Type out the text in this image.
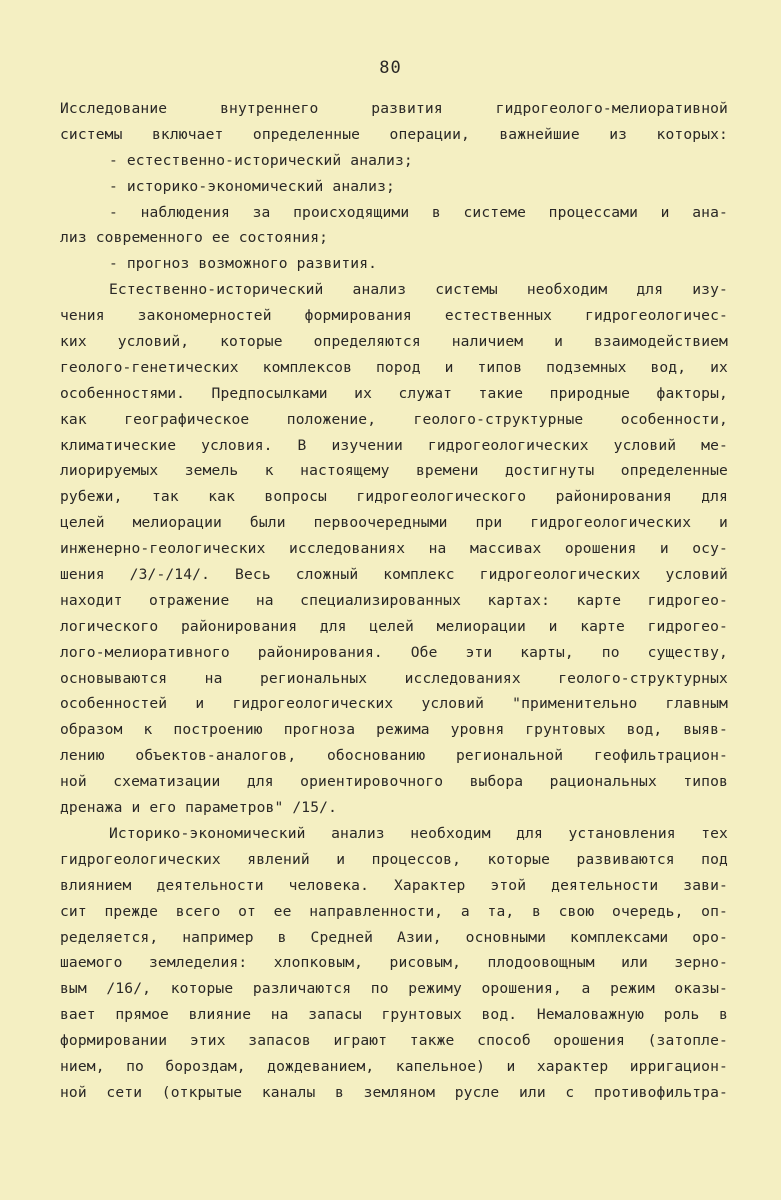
80
Исследование внутреннего развития гидрогеолого-мелиоративной
системы включает определенные операции, важнейшие из которых:
- естественно-исторический анализ;
- историко-экономический анализ;
- наблюдения за происходящими в системе процессами и ана-
лиз современного ее состояния;
- прогноз возможного развития.
Естественно-исторический анализ системы необходим для изу-
чения закономерностей формирования естественных гидрогеологичес-
ких условий, которые определяются наличием и взаимодействием
геолого-генетических комплексов пород и типов подземных вод, их
особенностями. Предпосылками их служат такие природные факторы,
как географическое положение, геолого-структурные особенности,
климатические условия. В изучении гидрогеологических условий ме-
лиорируемых земель к настоящему времени достигнуты определенные
рубежи, так как вопросы гидрогеологического районирования для
целей мелиорации были первоочередными при гидрогеологических и
инженерно-геологических исследованиях на массивах орошения и осу-
шения /3/-/14/. Весь сложный комплекс гидрогеологических условий
находит отражение на специализированных картах: карте гидрогео-
логического районирования для целей мелиорации и карте гидрогео-
лого-мелиоративного районирования. Обе эти карты, по существу,
основываются на региональных исследованиях геолого-структурных
особенностей и гидрогеологических условий "применительно главным
образом к построению прогноза режима уровня грунтовых вод, выяв-
лению объектов-аналогов, обоснованию региональной геофильтрацион-
ной схематизации для ориентировочного выбора рациональных типов
дренажа и его параметров" /15/.
Историко-экономический анализ необходим для установления тех
гидрогеологических явлений и процессов, которые развиваются под
влиянием деятельности человека. Характер этой деятельности зави-
сит прежде всего от ее направленности, а та, в свою очередь, оп-
ределяется, например в Средней Азии, основными комплексами оро-
шаемого земледелия: хлопковым, рисовым, плодоовощным или зерно-
вым /16/, которые различаются по режиму орошения, а режим оказы-
вает прямое влияние на запасы грунтовых вод. Немаловажную роль в
формировании этих запасов играют также способ орошения (затопле-
нием, по бороздам, дождеванием, капельное) и характер ирригацион-
ной сети (открытые каналы в земляном русле или с противофильтра-
